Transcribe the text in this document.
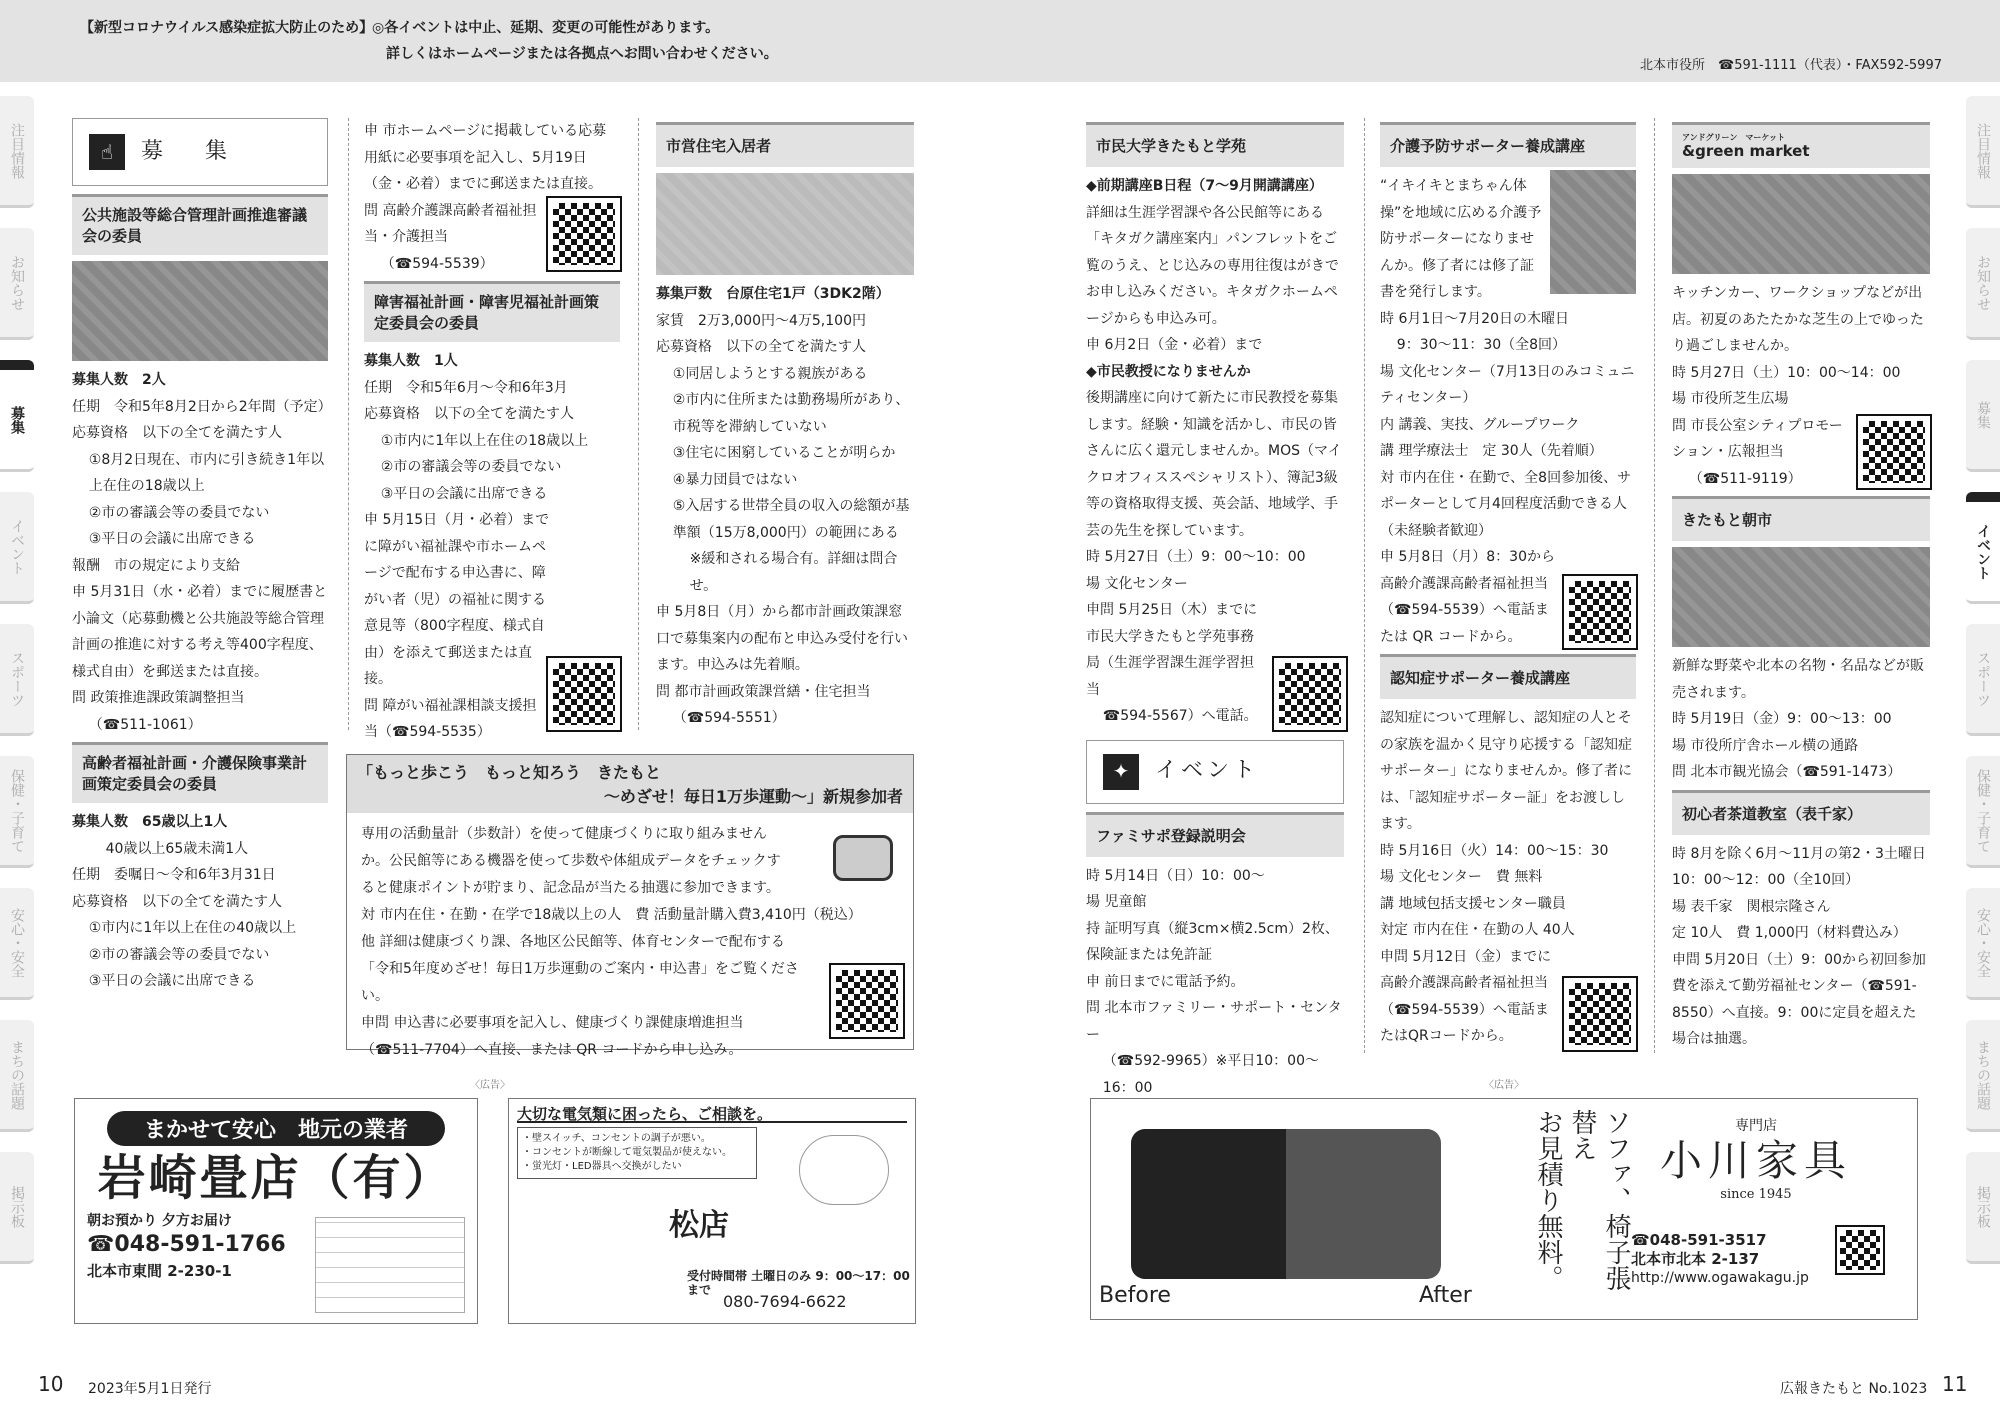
【新型コロナウイルス感染症拡大防止のため】
◎各イベントは中止、延期、変更の可能性があります。
詳しくはホームページまたは各拠点へお問い合わせください。
北本市役所　☎591-1111（代表）・FAX592-5997
注目情報
お知らせ
募集
イベント
スポーツ
保健・子育て
安心・安全
まちの話題
掲示板
注目情報
お知らせ
募集
イベント
スポーツ
保健・子育て
安心・安全
まちの話題
掲示板
☝	募　集
公共施設等総合管理計画推進審議会の委員

募集人数　2人

任期　令和5年8月2日から2年間（予定）

応募資格　以下の全てを満たす人

①8月2日現在、市内に引き続き1年以上在住の18歳以上

②市の審議会等の委員でない

③平日の会議に出席できる

報酬　市の規定により支給

申 5月31日（水・必着）までに履歴書と小論文（応募動機と公共施設等総合管理計画の推進に対する考え等400字程度、様式自由）を郵送または直接。

問 政策推進課政策調整担当

（☎511-1061）

高齢者福祉計画・介護保険事業計画策定委員会の委員

募集人数　65歳以上1人

40歳以上65歳未満1人

任期　委嘱日～令和6年3月31日

応募資格　以下の全てを満たす人

①市内に1年以上在住の40歳以上

②市の審議会等の委員でない

③平日の会議に出席できる

申 市ホームページに掲載している応募用紙に必要事項を記入し、5月19日（金・必着）までに郵送または直接。

問 高齢介護課高齢者福祉担当・介護担当

（☎594-5539）

障害福祉計画・障害児福祉計画策定委員会の委員

募集人数　1人

任期　令和5年6月～令和6年3月

応募資格　以下の全てを満たす人

①市内に1年以上在住の18歳以上

②市の審議会等の委員でない

③平日の会議に出席できる

申 5月15日（月・必着）までに障がい福祉課や市ホームページで配布する申込書に、障がい者（児）の福祉に関する意見等（800字程度、様式自由）を添えて郵送または直接。

問 障がい福祉課相談支援担当（☎594-5535）

市営住宅入居者

募集戸数　台原住宅1戸（3DK2階）

家賃　2万3,000円～4万5,100円

応募資格　以下の全てを満たす人

①同居しようとする親族がある

②市内に住所または勤務場所があり、市税等を滞納していない

③住宅に困窮していることが明らか

④暴力団員ではない

⑤入居する世帯全員の収入の総額が基準額（15万8,000円）の範囲にある

※緩和される場合有。詳細は問合せ。

申 5月8日（月）から都市計画政策課窓口で募集案内の配布と申込み受付を行います。申込みは先着順。

問 都市計画政策課営繕・住宅担当

（☎594-5551）

「もっと歩こう　もっと知ろう　きたもと
～めざせ！毎日1万歩運動～」新規参加者

専用の活動量計（歩数計）を使って健康づくりに取り組みませんか。公民館等にある機器を使って歩数や体組成データをチェックすると健康ポイントが貯まり、記念品が当たる抽選に参加できます。

対 市内在住・在勤・在学で18歳以上の人　費 活動量計購入費3,410円（税込）

他 詳細は健康づくり課、各地区公民館等、体育センターで配布する「令和5年度めざせ！毎日1万歩運動のご案内・申込書」をご覧ください。

申問 申込書に必要事項を記入し、健康づくり課健康増進担当

（☎511-7704）へ直接、または QR コードから申し込み。

市民大学きたもと学苑

◆前期講座B日程（7～9月開講講座）

詳細は生涯学習課や各公民館等にある「キタガク講座案内」パンフレットをご覧のうえ、とじ込みの専用往復はがきでお申し込みください。キタガクホームページからも申込み可。

申 6月2日（金・必着）まで

◆市民教授になりませんか

後期講座に向けて新たに市民教授を募集します。経験・知識を活かし、市民の皆さんに広く還元しませんか。MOS（マイクロオフィススペシャリスト）、簿記3級等の資格取得支援、英会話、地域学、手芸の先生を探しています。

時 5月27日（土）9：00～10：00

場 文化センター

申問 5月25日（木）までに市民大学きたもと学苑事務局（生涯学習課生涯学習担当

☎594-5567）へ電話。

✦	イベント
ファミサポ登録説明会

時 5月14日（日）10：00～

場 児童館

持 証明写真（縦3cm×横2.5cm）2枚、保険証または免許証

申 前日までに電話予約。

問 北本市ファミリー・サポート・センター

（☎592-9965）※平日10：00～16：00

介護予防サポーター養成講座

“イキイキとまちゃん体操”を地域に広める介護予防サポーターになりませんか。修了者には修了証書を発行します。

時 6月1日～7月20日の木曜日

9：30～11：30（全8回）

場 文化センター（7月13日のみコミュニティセンター）

内 講義、実技、グループワーク

講 理学療法士　定 30人（先着順）

対 市内在住・在勤で、全8回参加後、サポーターとして月4回程度活動できる人（未経験者歓迎）

申 5月8日（月）8：30から高齢介護課高齢者福祉担当（☎594-5539）へ電話または QR コードから。

認知症サポーター養成講座

認知症について理解し、認知症の人とその家族を温かく見守り応援する「認知症サポーター」になりませんか。修了者には、「認知症サポーター証」をお渡しします。

時 5月16日（火）14：00～15：30

場 文化センター　費 無料

講 地域包括支援センター職員

対定 市内在住・在勤の人 40人

申問 5月12日（金）までに高齢介護課高齢者福祉担当（☎594-5539）へ電話またはQRコードから。

アンドグリーン　マーケット
&green market

キッチンカー、ワークショップなどが出店。初夏のあたたかな芝生の上でゆったり過ごしませんか。

時 5月27日（土）10：00～14：00

場 市役所芝生広場

問 市長公室シティプロモーション・広報担当

（☎511-9119）

きたもと朝市

新鮮な野菜や北本の名物・名品などが販売されます。

時 5月19日（金）9：00～13：00

場 市役所庁舎ホール横の通路

問 北本市観光協会（☎591-1473）

初心者茶道教室（表千家）

時 8月を除く6月～11月の第2・3土曜日 10：00～12：00（全10回）

場 表千家　関根宗隆さん

定 10人　費 1,000円（材料費込み）

申問 5月20日（土）9：00から初回参加費を添えて勤労福祉センター（☎591-8550）へ直接。9：00に定員を超えた場合は抽選。

〈広告〉	〈広告〉
まかせて安心　地元の業者
岩崎畳店（有）
朝お預かり 夕方お届け
☎048-591-1766
北本市東間 2-230-1
大切な電気類に困ったら、ご相談を。
・壁スイッチ、コンセントの調子が悪い。
・コンセントが断線して電気製品が使えない。
・蛍光灯・LED器具へ交換がしたい
松店
受付時間帯 土曜日のみ 9：00～17：00まで
080-7694-6622	Before	After
ソファ、椅子張替え
お見積り無料。	専門店
小川家具
since 1945
☎048-591-3517
北本市北本 2-137
http://www.ogawakagu.jp
10 2023年5月1日発行	広報きたもと No.1023 11
